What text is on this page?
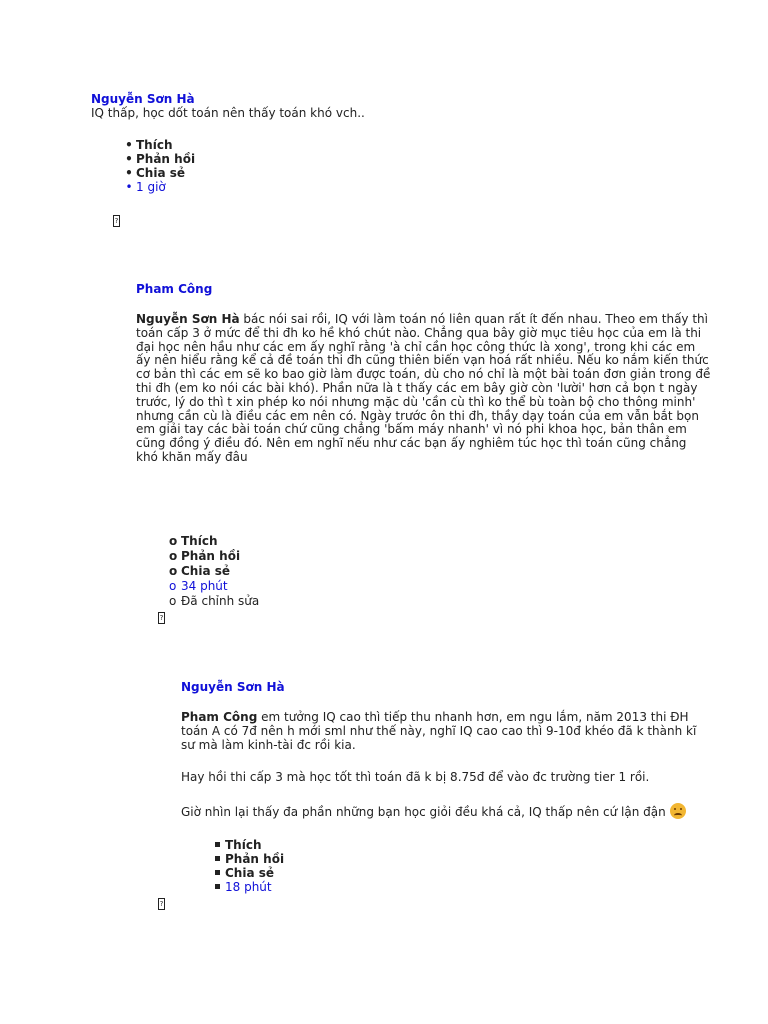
Nguyễn Sơn Hà
IQ thấp, học dốt toán nên thấy toán khó vch..
• Thích
• Phản hồi
• Chia sẻ
• 1 giờ
?
Pham Công
Nguyễn Sơn Hà bác nói sai rồi, IQ với làm toán nó liên quan rất ít đến nhau. Theo em thấy thì
toán cấp 3 ở mức để thi đh ko hề khó chút nào. Chẳng qua bây giờ mục tiêu học của em là thi
đại học nên hầu như các em ấy nghĩ rằng 'à chỉ cần học công thức là xong', trong khi các em
ấy nên hiểu rằng kể cả đề toán thi đh cũng thiên biến vạn hoá rất nhiều. Nếu ko nắm kiến thức
cơ bản thì các em sẽ ko bao giờ làm được toán, dù cho nó chỉ là một bài toán đơn giản trong đề
thi đh (em ko nói các bài khó). Phần nữa là t thấy các em bây giờ còn 'lười' hơn cả bọn t ngày
trước, lý do thì t xin phép ko nói nhưng mặc dù 'cần cù thì ko thể bù toàn bộ cho thông minh'
nhưng cần cù là điều các em nên có. Ngày trước ôn thi đh, thầy dạy toán của em vẫn bắt bọn
em giải tay các bài toán chứ cũng chẳng 'bấm máy nhanh' vì nó phi khoa học, bản thân em
cũng đồng ý điều đó. Nên em nghĩ nếu như các bạn ấy nghiêm túc học thì toán cũng chẳng
khó khăn mấy đâu
o Thích
o Phản hồi
o Chia sẻ
o 34 phút
o Đã chỉnh sửa
?
Nguyễn Sơn Hà
Pham Công em tưởng IQ cao thì tiếp thu nhanh hơn, em ngu lắm, năm 2013 thi ĐH
toán A có 7đ nên h mới sml như thế này, nghĩ IQ cao cao thì 9-10đ khéo đã k thành kĩ
sư mà làm kinh-tài đc rồi kia.
Hay hồi thi cấp 3 mà học tốt thì toán đã k bị 8.75đ để vào đc trường tier 1 rồi.
Giờ nhìn lại thấy đa phần những bạn học giỏi đều khá cả, IQ thấp nên cứ lận đận
Thích
Phản hồi
Chia sẻ
18 phút
?
